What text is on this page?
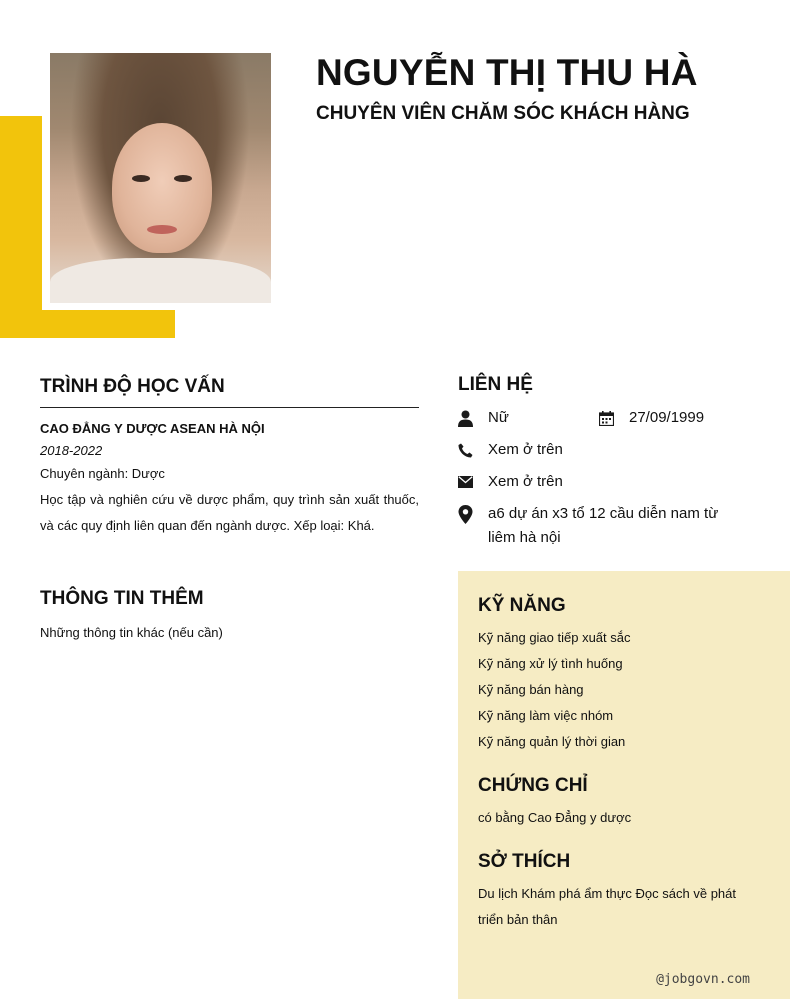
NGUYỄN THỊ THU HÀ
CHUYÊN VIÊN CHĂM SÓC KHÁCH HÀNG
TRÌNH ĐỘ HỌC VẤN
CAO ĐẲNG Y DƯỢC ASEAN HÀ NỘI
2018-2022
Chuyên ngành: Dược
Học tập và nghiên cứu về dược phẩm, quy trình sản xuất thuốc, và các quy định liên quan đến ngành dược. Xếp loại: Khá.
THÔNG TIN THÊM
Những thông tin khác (nếu cần)
LIÊN HỆ
Nữ	27/09/1999
Xem ở trên
Xem ở trên
a6 dự án x3 tổ 12 cầu diễn nam từ liêm hà nội
KỸ NĂNG
Kỹ năng giao tiếp xuất sắc
Kỹ năng xử lý tình huống
Kỹ năng bán hàng
Kỹ năng làm việc nhóm
Kỹ năng quản lý thời gian
CHỨNG CHỈ
có bằng Cao Đẳng y dược
SỞ THÍCH
Du lịch Khám phá ẩm thực Đọc sách về phát triển bản thân
@jobgovn.com
